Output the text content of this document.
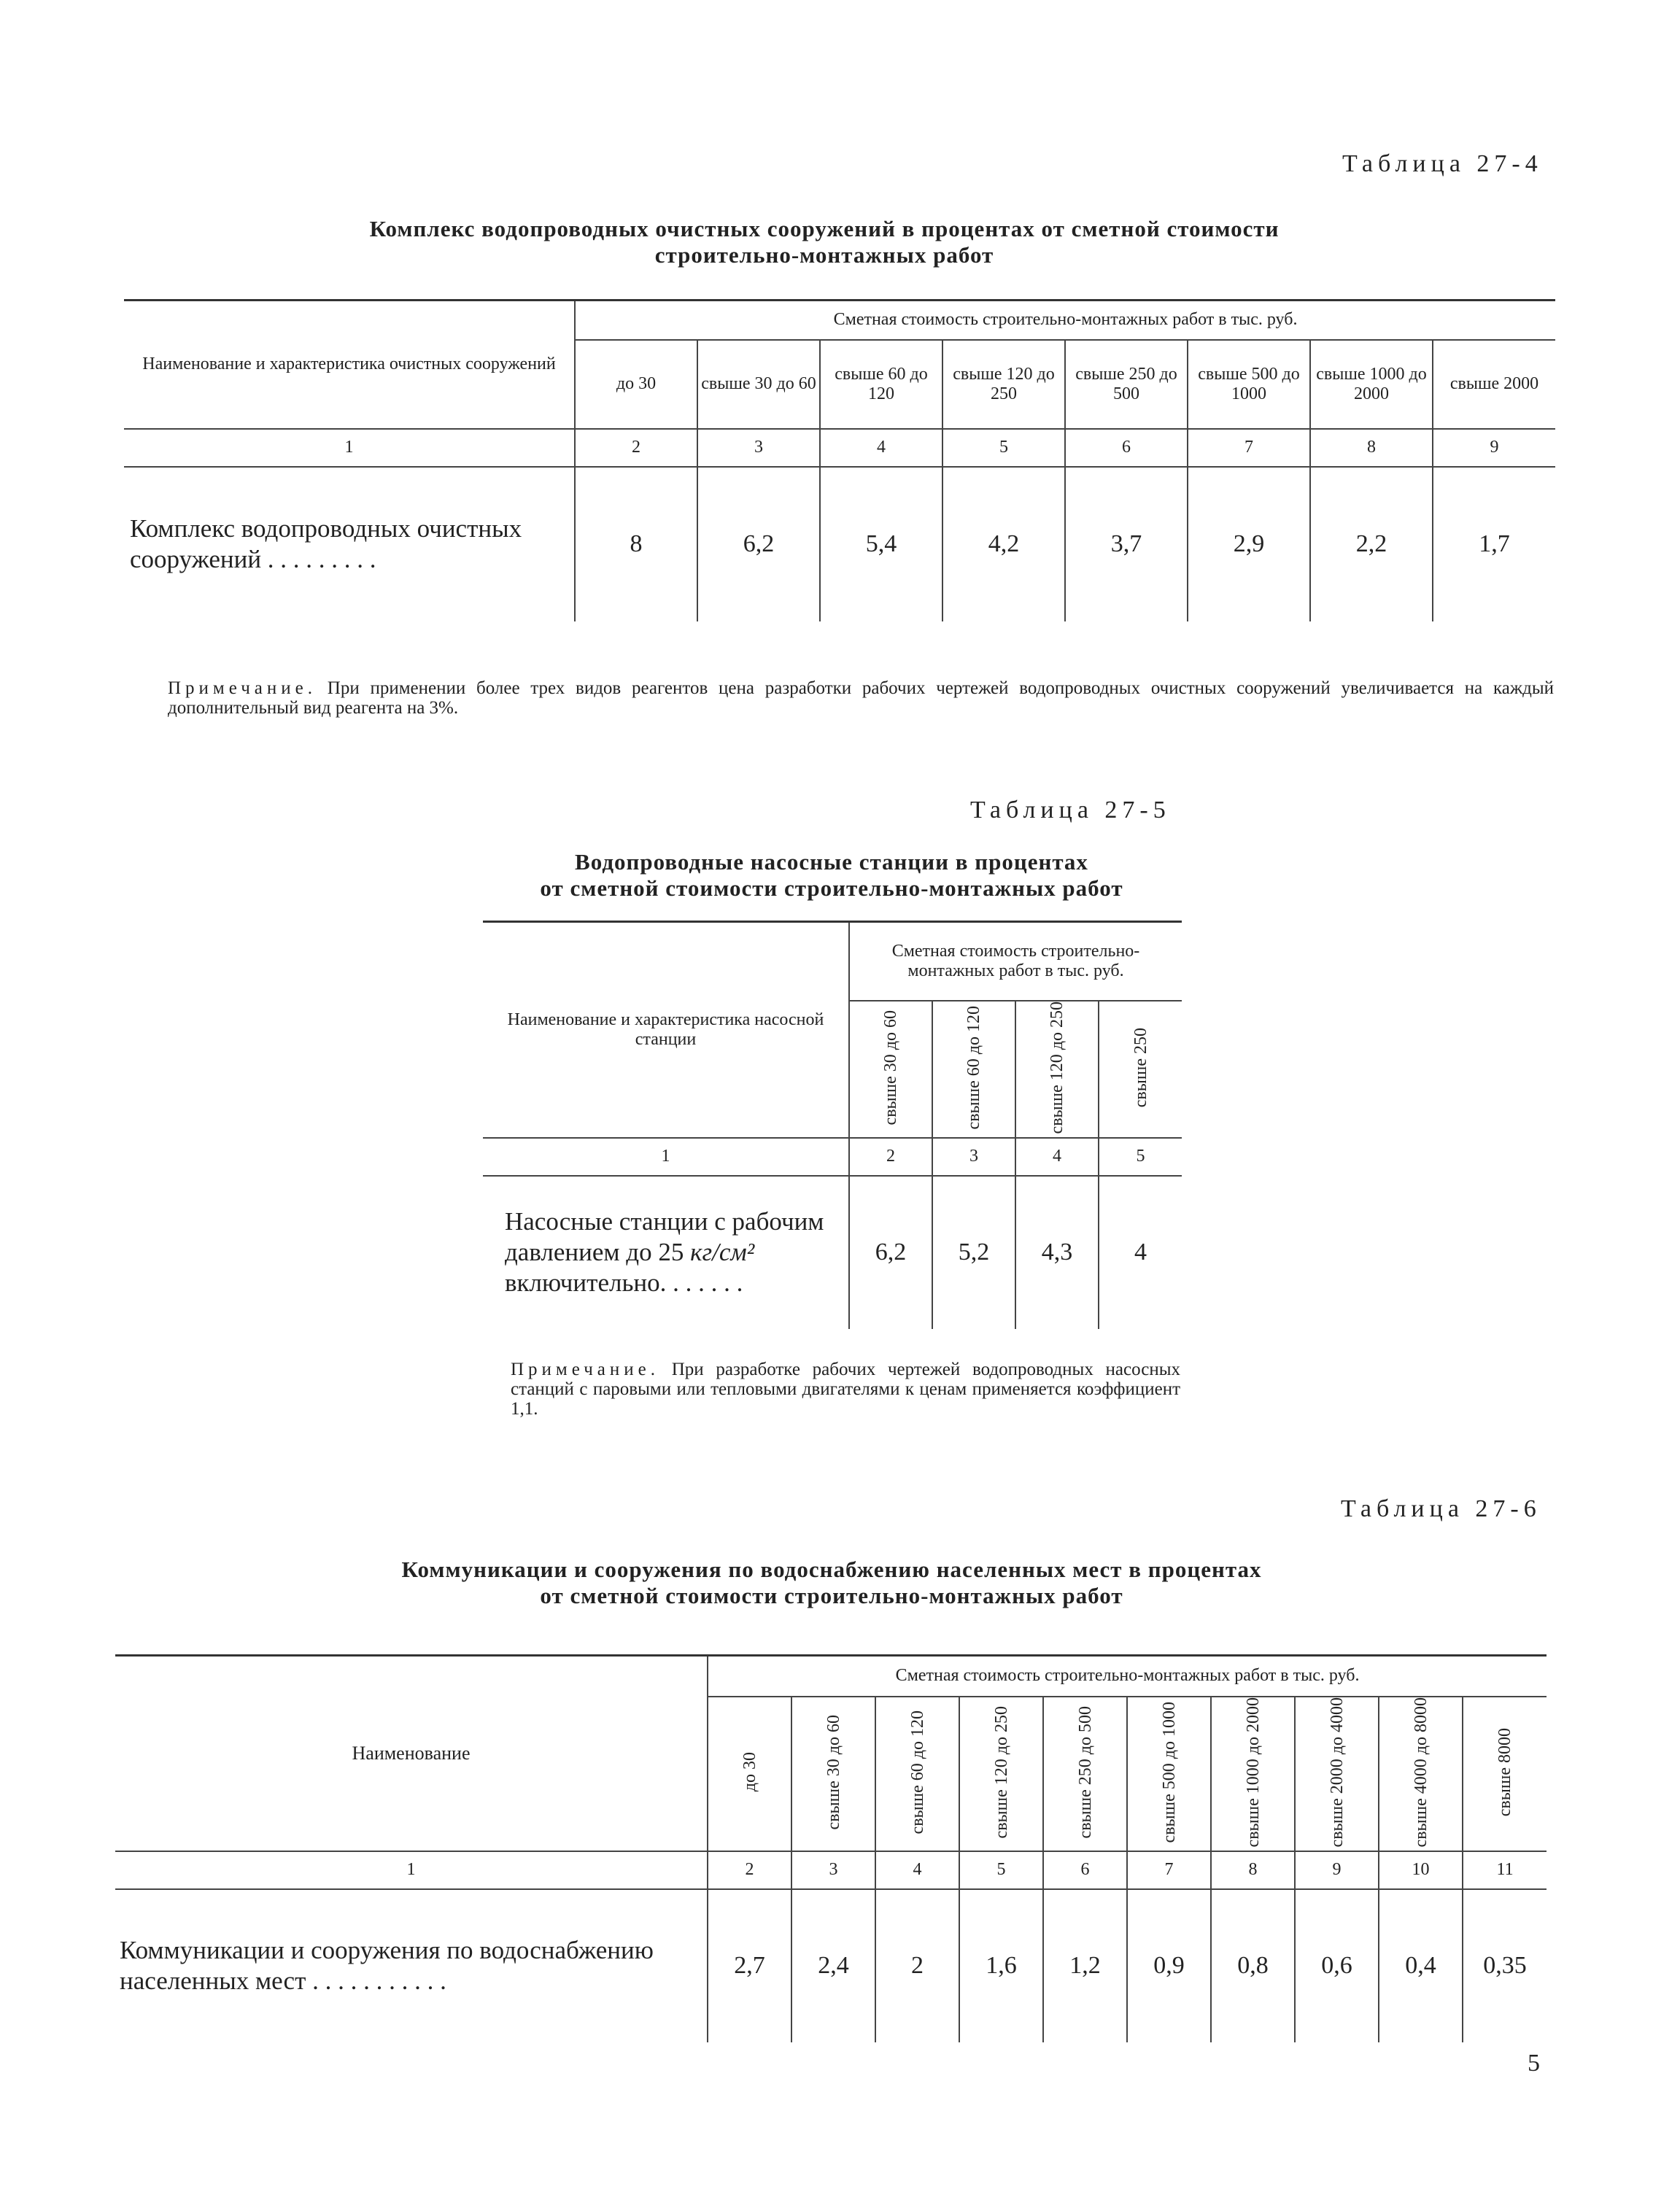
Таблица 27-4
Комплекс водопроводных очистных сооружений в процентах от сметной стоимости
строительно-монтажных работ
Наименование и характеристика очистных сооружений	Сметная стоимость строительно-монтажных работ в тыс. руб.							
	до 30	свыше 30 до 60	свыше 60 до 120	свыше 120 до 250	свыше 250 до 500	свыше 500 до 1000	свыше 1000 до 2000	свыше 2000
1	2	3	4	5	6	7	8	9
Комплекс водопроводных очистных сооружений . . . . . . . . .	8	6,2	5,4	4,2	3,7	2,9	2,2	1,7
Примечание. При применении более трех видов реагентов цена разработки рабочих чертежей водопроводных очистных сооружений увеличивается на каждый дополнительный вид реагента на 3%.
Таблица 27-5
Водопроводные насосные станции в процентах
от сметной стоимости строительно-монтажных работ
Наименование и характеристика насосной станции	Сметная стоимость строительно-монтажных работ в тыс. руб.			
	свыше 30 до 60	свыше 60 до 120	свыше 120 до 250	свыше 250
1	2	3	4	5
Насосные станции с рабочим давлением до 25 кг/см² включительно. . . . . . .	6,2	5,2	4,3	4
Примечание. При разработке рабочих чертежей водопроводных насосных станций с паровыми или тепловыми двигателями к ценам применяется коэффициент 1,1.
Таблица 27-6
Коммуникации и сооружения по водоснабжению населенных мест в процентах
от сметной стоимости строительно-монтажных работ
Наименование	Сметная стоимость строительно-монтажных работ в тыс. руб.									
	до 30	свыше 30 до 60	свыше 60 до 120	свыше 120 до 250	свыше 250 до 500	свыше 500 до 1000	свыше 1000 до 2000	свыше 2000 до 4000	свыше 4000 до 8000	свыше 8000
1	2	3	4	5	6	7	8	9	10	11
Коммуникации и сооружения по водоснабжению населенных мест . . . . . . . . . . .	2,7	2,4	2	1,6	1,2	0,9	0,8	0,6	0,4	0,35
5
